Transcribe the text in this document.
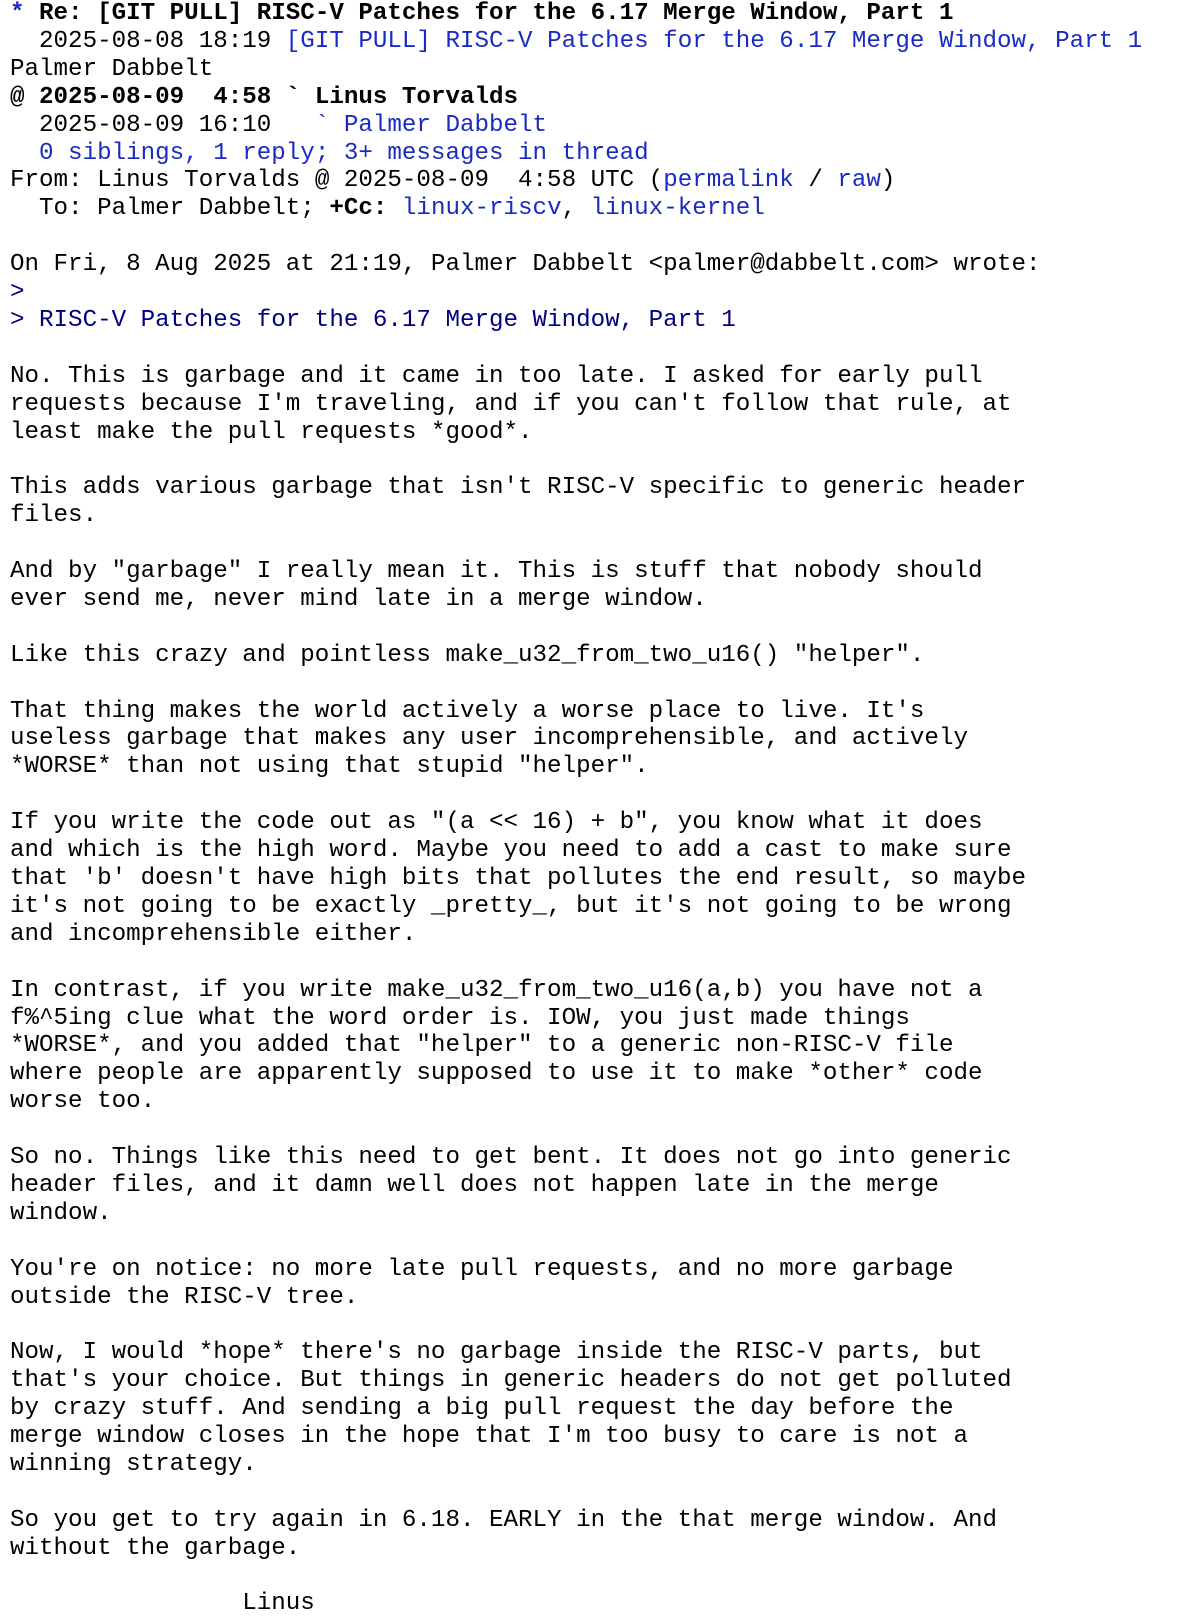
* Re: [GIT PULL] RISC-V Patches for the 6.17 Merge Window, Part 1
2025-08-08 18:19 [GIT PULL] RISC-V Patches for the 6.17 Merge Window, Part 1 Palmer Dabbelt
@ 2025-08-09  4:58 ` Linus Torvalds
2025-08-09 16:10 ` Palmer Dabbelt
0 siblings, 1 reply; 3+ messages in thread
From: Linus Torvalds @ 2025-08-09  4:58 UTC (permalink / raw)
To: Palmer Dabbelt; +Cc: linux-riscv, linux-kernel
On Fri, 8 Aug 2025 at 21:19, Palmer Dabbelt <palmer@dabbelt.com> wrote:
>
> RISC-V Patches for the 6.17 Merge Window, Part 1
No. This is garbage and it came in too late. I asked for early pull
requests because I'm traveling, and if you can't follow that rule, at
least make the pull requests *good*.
This adds various garbage that isn't RISC-V specific to generic header
files.
And by "garbage" I really mean it. This is stuff that nobody should
ever send me, never mind late in a merge window.
Like this crazy and pointless make_u32_from_two_u16() "helper".
That thing makes the world actively a worse place to live. It's
useless garbage that makes any user incomprehensible, and actively
*WORSE* than not using that stupid "helper".
If you write the code out as "(a << 16) + b", you know what it does
and which is the high word. Maybe you need to add a cast to make sure
that 'b' doesn't have high bits that pollutes the end result, so maybe
it's not going to be exactly _pretty_, but it's not going to be wrong
and incomprehensible either.
In contrast, if you write make_u32_from_two_u16(a,b) you have not a
f%^5ing clue what the word order is. IOW, you just made things
*WORSE*, and you added that "helper" to a generic non-RISC-V file
where people are apparently supposed to use it to make *other* code
worse too.
So no. Things like this need to get bent. It does not go into generic
header files, and it damn well does not happen late in the merge
window.
You're on notice: no more late pull requests, and no more garbage
outside the RISC-V tree.
Now, I would *hope* there's no garbage inside the RISC-V parts, but
that's your choice. But things in generic headers do not get polluted
by crazy stuff. And sending a big pull request the day before the
merge window closes in the hope that I'm too busy to care is not a
winning strategy.
So you get to try again in 6.18. EARLY in the that merge window. And
without the garbage.
Linus
